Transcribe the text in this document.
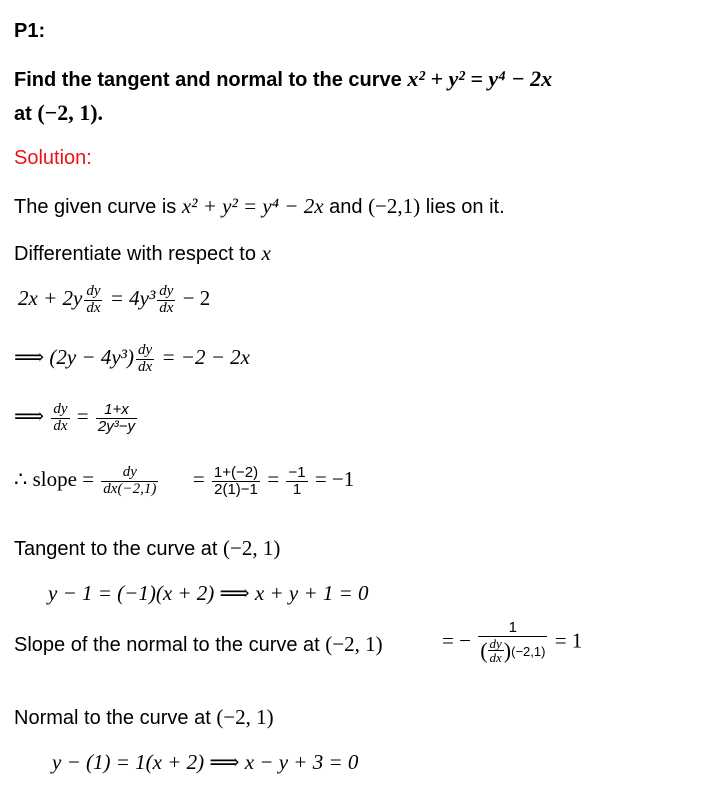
P1:
Find the tangent and normal to the curve x² + y² = y⁴ − 2x
at (−2, 1).
Solution:
The given curve is x² + y² = y⁴ − 2x and (−2,1) lies on it.
Differentiate with respect to x
$2x + 2y \frac{dy}{dx} = 4y^3 \frac{dy}{dx} - 2$
⟹ $(2y - 4y^3) \frac{dy}{dx} = -2 - 2x$
⟹ $\frac{dy}{dx} = \frac{1+x}{\text{2y³−y}}$
∴ slope = $\frac{dy}{dx(-2,1)} = \frac{1+(-2)}{2(1)-1} = \frac{-1}{1} = -1$
Tangent to the curve at (−2, 1)
y − 1 = (−1)(x + 2) ⟹ x + y + 1 = 0
Slope of the normal to the curve at (−2, 1)	= − $\frac{1}{( \frac{dy}{dx} )(-2,1)} = 1$
Normal to the curve at (−2, 1)
y − (1) = 1(x + 2) ⟹ x − y + 3 = 0
